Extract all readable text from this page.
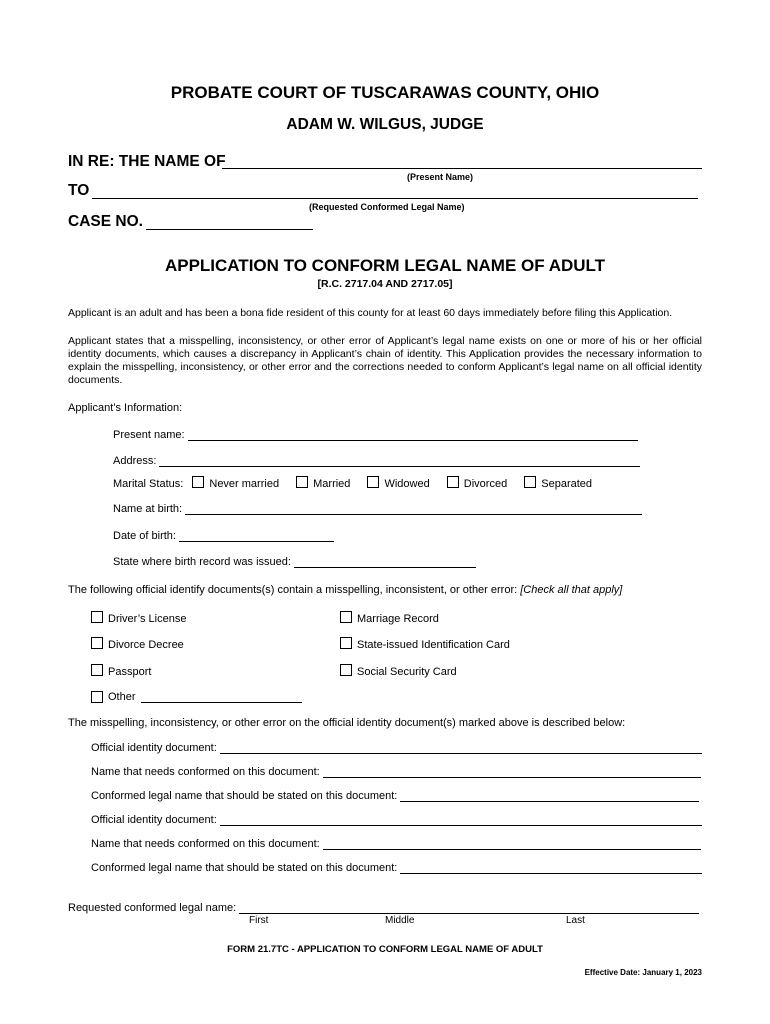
PROBATE COURT OF TUSCARAWAS COUNTY, OHIO
ADAM W. WILGUS, JUDGE
IN RE: THE NAME OF
(Present Name)
TO
(Requested Conformed Legal Name)
CASE NO.
APPLICATION TO CONFORM LEGAL NAME OF ADULT
[R.C. 2717.04 AND 2717.05]
Applicant is an adult and has been a bona fide resident of this county for at least 60 days immediately before filing this Application.
Applicant states that a misspelling, inconsistency, or other error of Applicant’s legal name exists on one or more of his or her official identity documents, which causes a discrepancy in Applicant’s chain of identity. This Application provides the necessary information to explain the misspelling, inconsistency, or other error and the corrections needed to conform Applicant’s legal name on all official identity documents.
Applicant’s Information:
Present name:
Address:
Marital Status: Never married	Married	Widowed	Divorced	Separated
Name at birth:
Date of birth:
State where birth record was issued:
The following official identify documents(s) contain a misspelling, inconsistent, or other error: [Check all that apply]
Driver’s License	Marriage Record
Divorce Decree	State-issued Identification Card
Passport	Social Security Card
Other
The misspelling, inconsistency, or other error on the official identity document(s) marked above is described below:
Official identity document:
Name that needs conformed on this document:
Conformed legal name that should be stated on this document:
Official identity document:
Name that needs conformed on this document:
Conformed legal name that should be stated on this document:
Requested conformed legal name:
First	Middle	Last
FORM 21.7TC - APPLICATION TO CONFORM LEGAL NAME OF ADULT
Effective Date: January 1, 2023
